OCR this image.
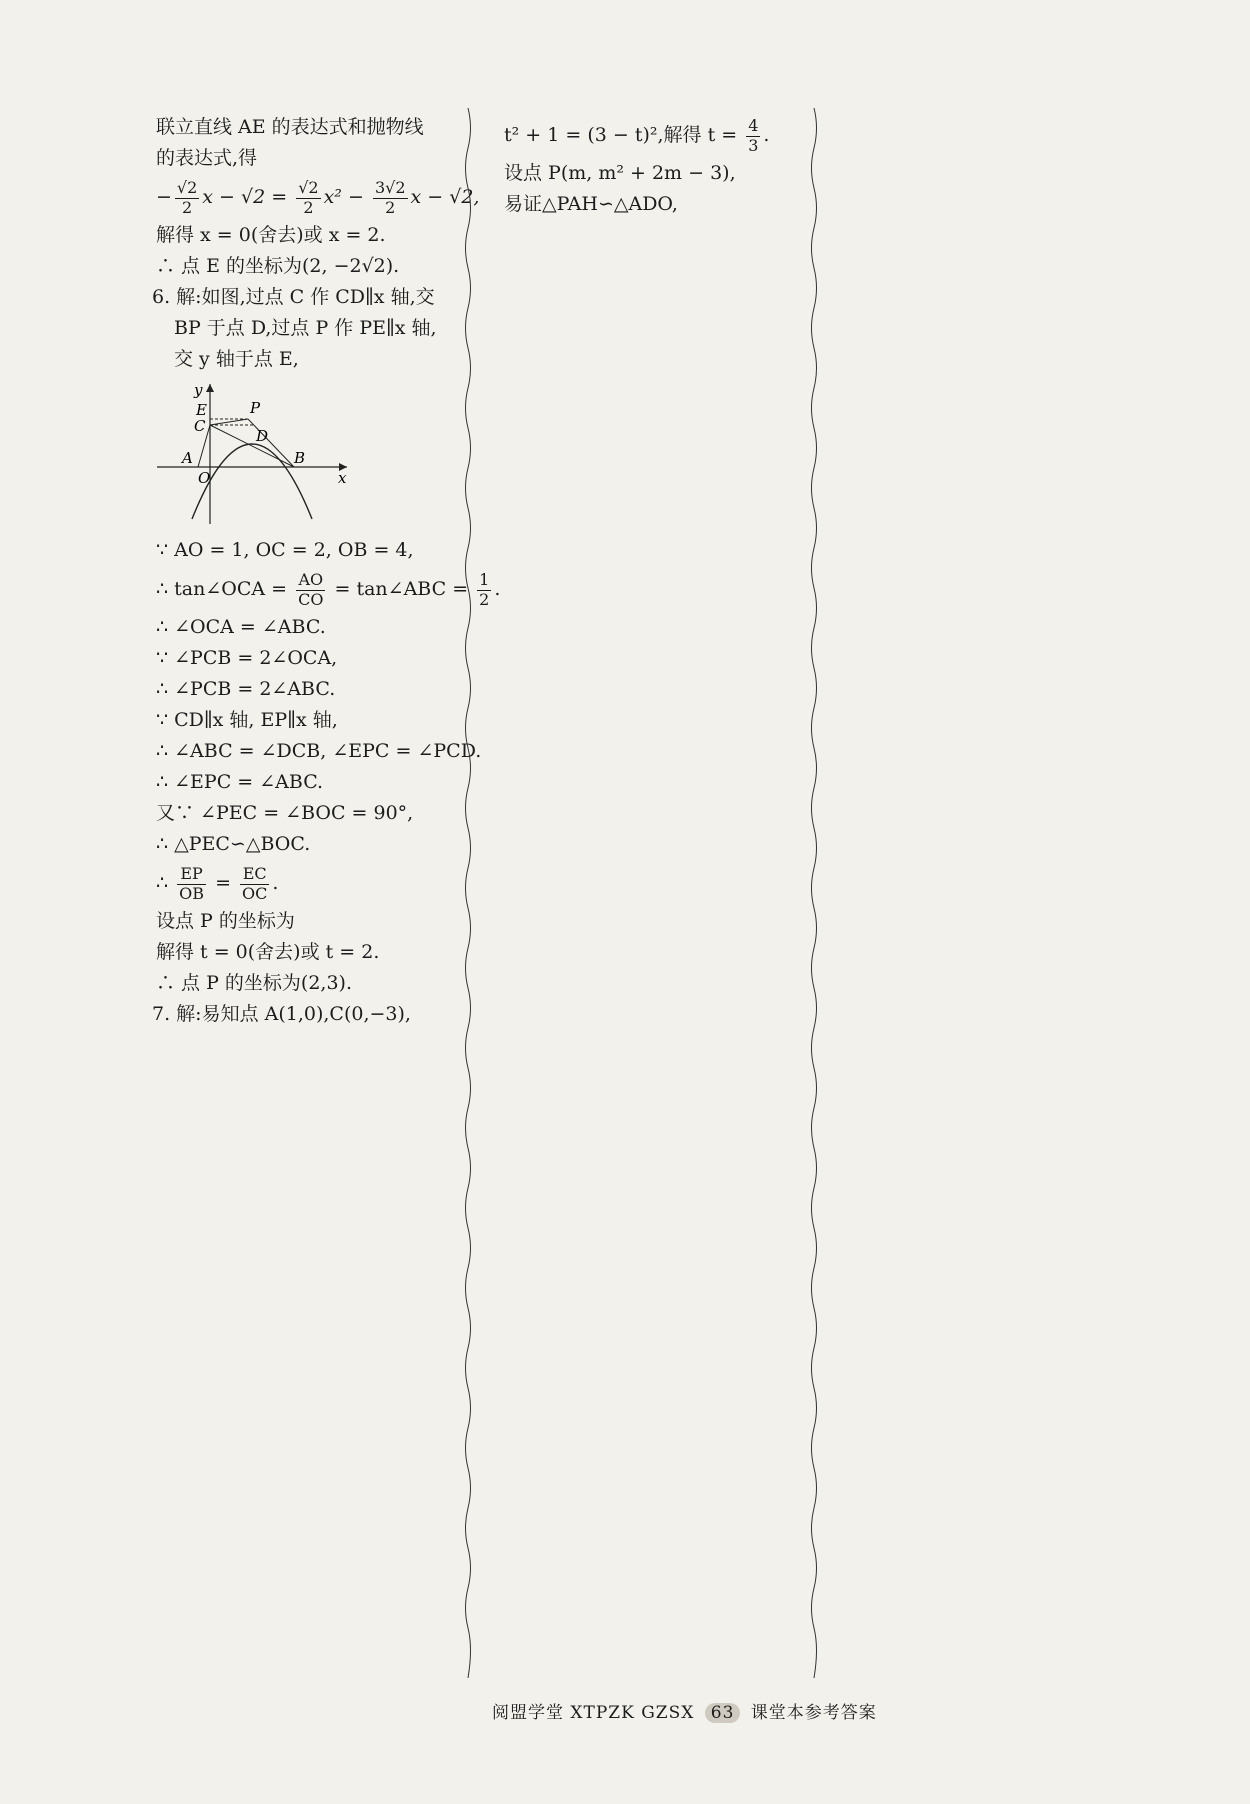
联立直线 AE 的表达式和抛物线
的表达式,得
− $\frac{√2}{2}$ $x - √2 = \frac{√2}{2} x^2 - \frac{3√2}{2}$ x − √2,
解得 x = 0(舍去)或 x = 2.
∴ 点 E 的坐标为(2, −2√2).
6. 解:如图,过点 C 作 CD∥x 轴,交
BP 于点 D,过点 P 作 PE∥x 轴,
交 y 轴于点 E,
y
E	P
C
D
A
O
B
x
∵ AO = 1, OC = 2, OB = 4,
∴ tan∠OCA = $\frac{AO}{CO}$ = tan∠ABC = $\frac{1}{2}$ .
∴ ∠OCA = ∠ABC.
∵ ∠PCB = 2∠OCA,
∴ ∠PCB = 2∠ABC.
∵ CD∥x 轴, EP∥x 轴,
∴ ∠ABC = ∠DCB, ∠EPC = ∠PCD.
∴ ∠EPC = ∠ABC.
又∵ ∠PEC = ∠BOC = 90°,
∴ △PEC∽△BOC.
∴ $\frac{EP}{OB} = \frac{EC}{OC}$ .
设点 P 的坐标为
解得 t = 0(舍去)或 t = 2.
∴ 点 P 的坐标为(2,3).
7. 解:易知点 A(1,0),C(0,−3),
t² + 1 = (3 − t)²,解得 $t = \frac{4}{3}$ .
设点 P(m, m² + 2m − 3),
易证△PAH∽△ADO,
阅盟学堂 XTPZK GZSX 63 课堂本参考答案
